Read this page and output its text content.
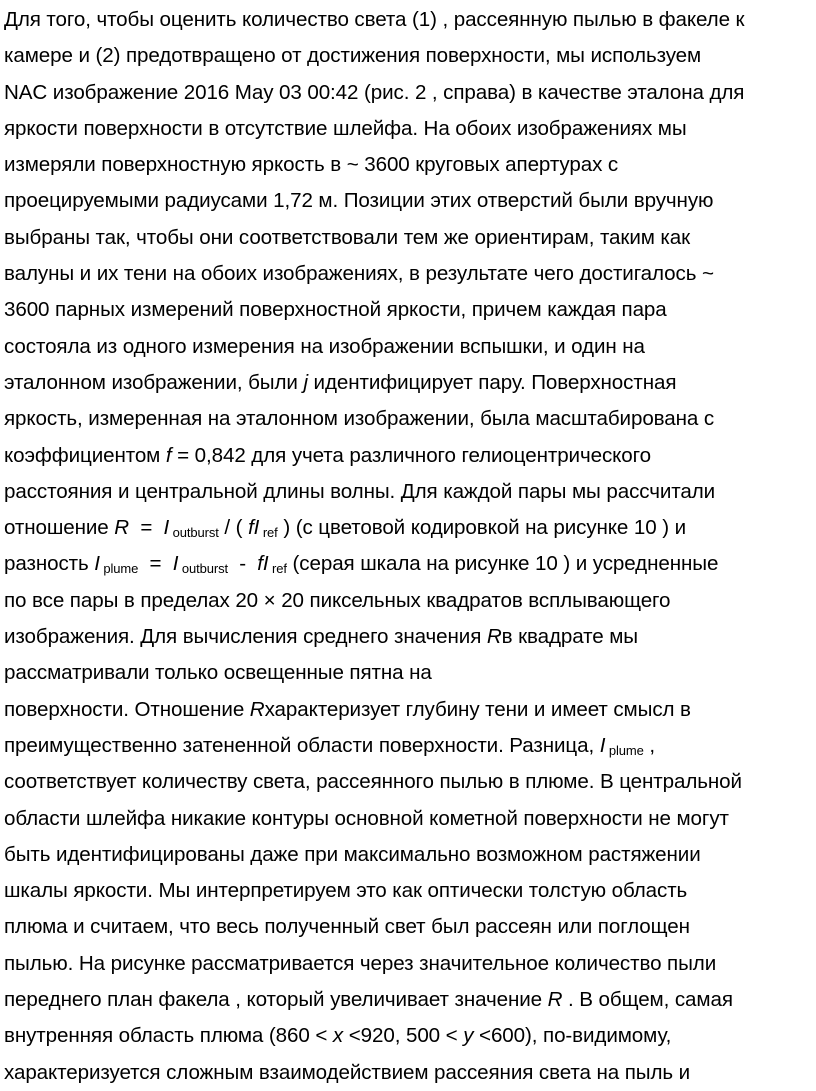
Для того, чтобы оценить количество света (1) , рассеянную пылью в факеле к
камере и (2) предотвращено от достижения поверхности, мы используем
NAC изображение 2016 May 03 00:42 (рис. 2 , справа) в качестве эталона для
яркости поверхности в отсутствие шлейфа. На обоих изображениях мы
измеряли поверхностную яркость в ~ 3600 круговых апертурах с
проецируемыми радиусами 1,72 м. Позиции этих отверстий были вручную
выбраны так, чтобы они соответствовали тем же ориентирам, таким как
валуны и их тени на обоих изображениях, в результате чего достигалось ~
3600 парных измерений поверхностной яркости, причем каждая пара
состояла из одного измерения на изображении вспышки, и один на
эталонном изображении, были j идентифицирует пару. Поверхностная
яркость, измеренная на эталонном изображении, была масштабирована с
коэффициентом f = 0,842 для учета различного гелиоцентрического
расстояния и центральной длины волны. Для каждой пары мы рассчитали
отношение R  =  I $_{outburst}$ / ( fI $_{ref}$ ) (с цветовой кодировкой на рисунке 10 ) и
разность I $_{plume}$  =  I $_{outburst}$  -  fI $_{ref}$ (серая шкала на рисунке 10 ) и усредненные
по все пары в пределах 20 × 20 пиксельных квадратов всплывающего
изображения. Для вычисления среднего значения Rв квадрате мы
рассматривали только освещенные пятна на
поверхности. Отношение Rхарактеризует глубину тени и имеет смысл в
преимущественно затененной области поверхности. Разница, I $_{plume}$ ,
соответствует количеству света, рассеянного пылью в плюме. В центральной
области шлейфа никакие контуры основной кометной поверхности не могут
быть идентифицированы даже при максимально возможном растяжении
шкалы яркости. Мы интерпретируем это как оптически толстую область
плюма и считаем, что весь полученный свет был рассеян или поглощен
пылью. На рисунке рассматривается через значительное количество пыли
переднего план факела , который увеличивает значение R . В общем, самая
внутренняя область плюма (860 < x <920, 500 < y <600), по-видимому,
характеризуется сложным взаимодействием рассеяния света на пыль и
